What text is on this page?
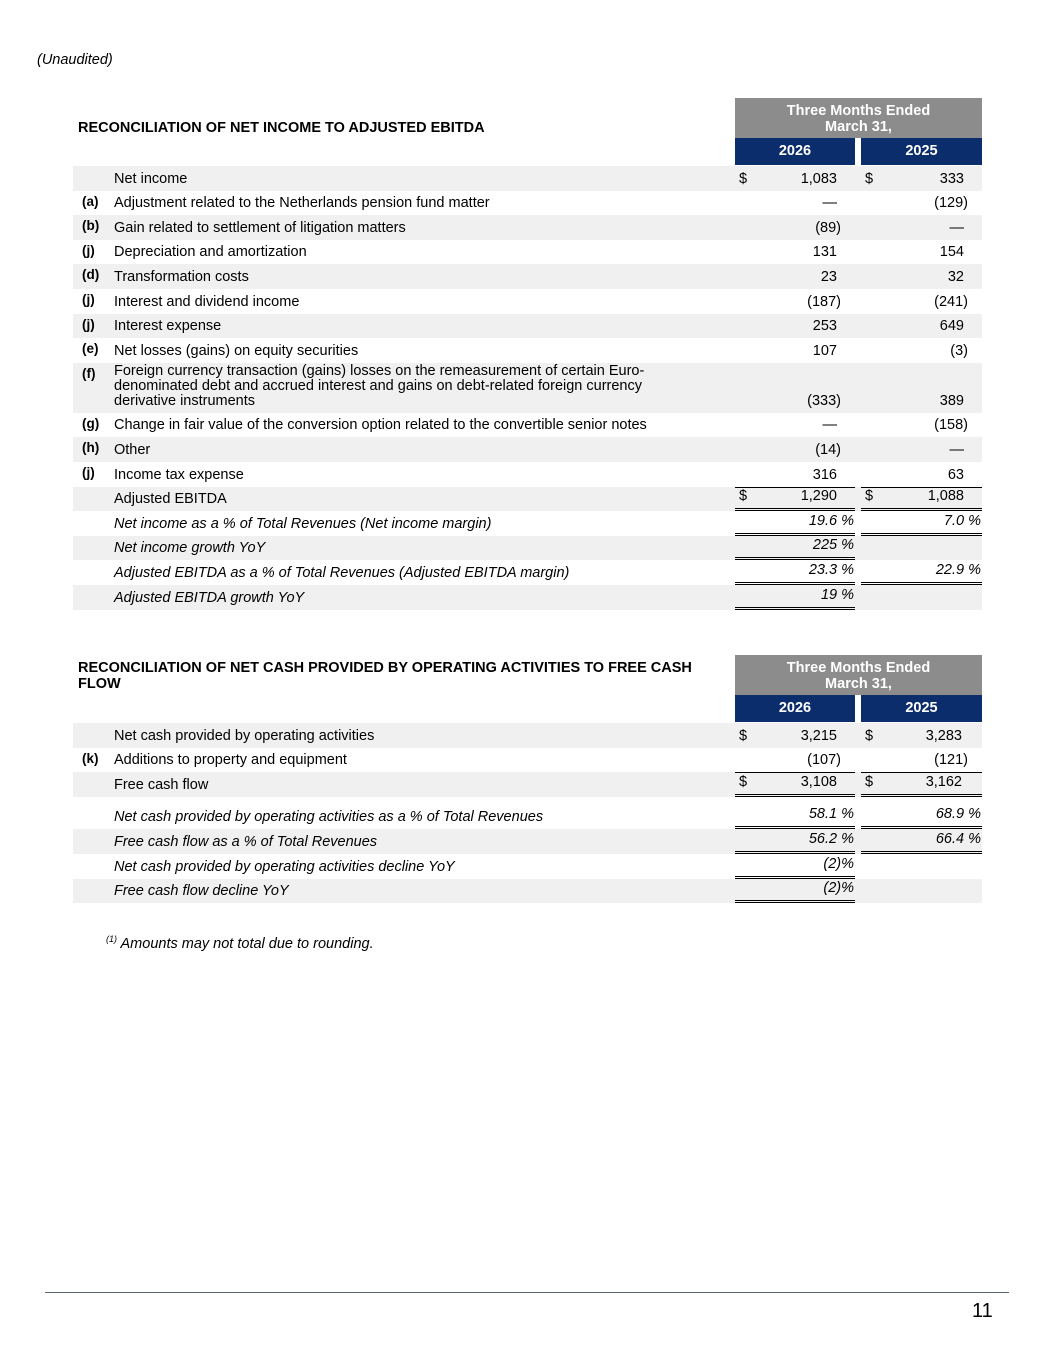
(Unaudited)
RECONCILIATION OF NET INCOME TO ADJUSTED EBITDA
Three Months Ended
March 31,
2026	2025
Net income	$	1,083 $	333
(a) Adjustment related to the Netherlands pension fund matter	—	(129)
(b) Gain related to settlement of litigation matters	(89)	—
(j) Depreciation and amortization	131	154
(d) Transformation costs	23	32
(j) Interest and dividend income	(187)	(241)
(j) Interest expense	253	649
(e) Net losses (gains) on equity securities	107	(3)
(f) Foreign currency transaction (gains) losses on the remeasurement of certain Euro-denominated debt and accrued interest and gains on debt-related foreign currency derivative instruments	(333)	389
(g) Change in fair value of the conversion option related to the convertible senior notes	—	(158)
(h) Other	(14)	—
(j) Income tax expense	316	63
Adjusted EBITDA	$	1,290 $	1,088
Net income as a % of Total Revenues (Net income margin)	19.6 %	7.0 %
Net income growth YoY	225 %
Adjusted EBITDA as a % of Total Revenues (Adjusted EBITDA margin)	23.3 %	22.9 %
Adjusted EBITDA growth YoY	19 %
RECONCILIATION OF NET CASH PROVIDED BY OPERATING ACTIVITIES TO FREE CASH FLOW
Three Months Ended
March 31,
2026	2025
Net cash provided by operating activities	$	3,215 $	3,283
(k) Additions to property and equipment	(107)	(121)
Free cash flow	$	3,108 $	3,162
Net cash provided by operating activities as a % of Total Revenues	58.1 %	68.9 %
Free cash flow as a % of Total Revenues	56.2 %	66.4 %
Net cash provided by operating activities decline YoY	(2)%
Free cash flow decline YoY	(2)%
$^{(1)}$ Amounts may not total due to rounding.
11
